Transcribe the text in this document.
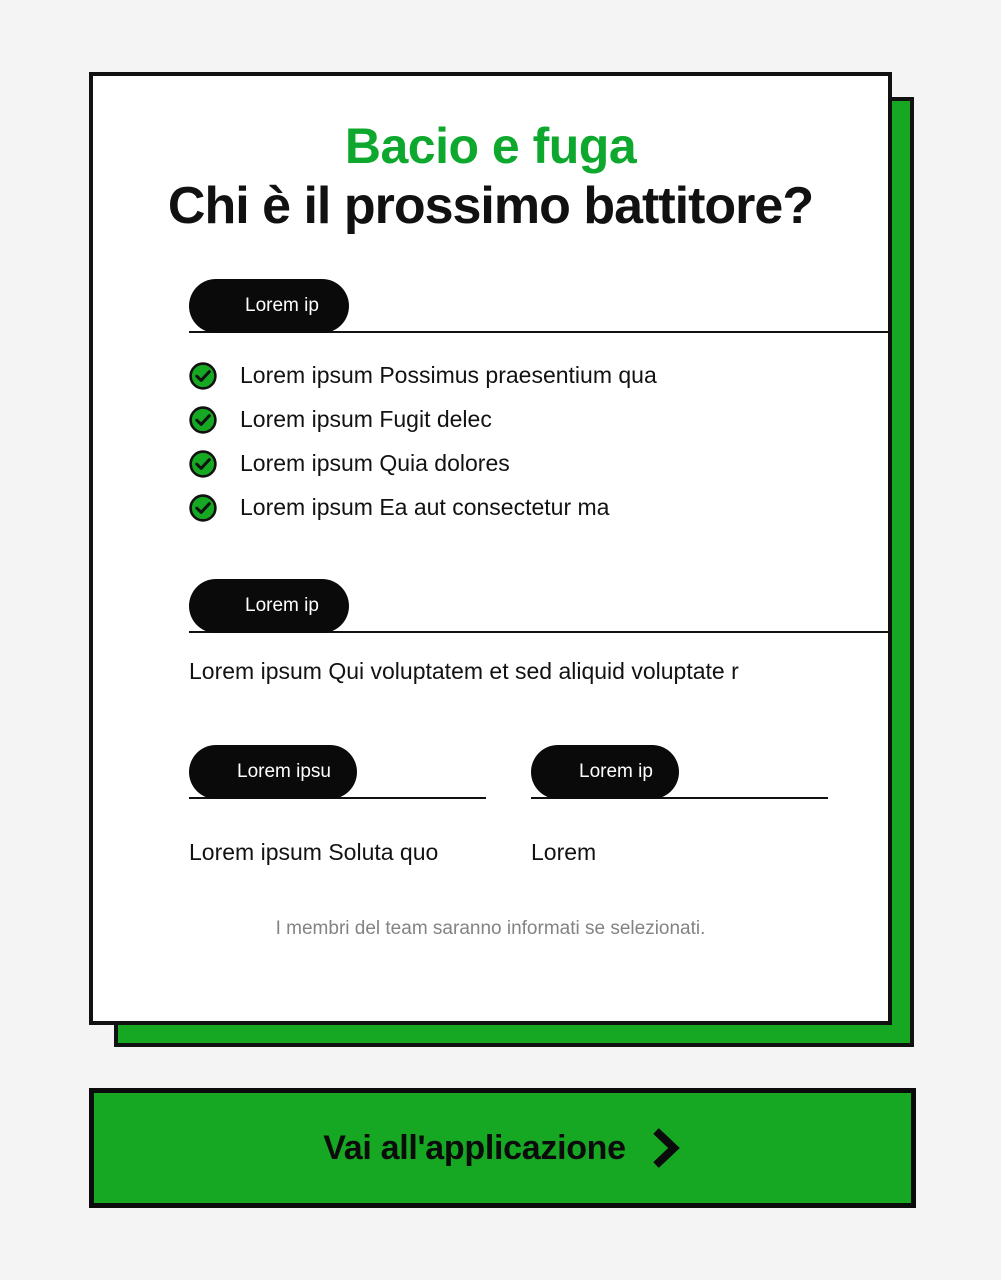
Bacio e fuga
Chi è il prossimo battitore?
Lorem ip
Lorem ipsum Possimus praesentium qua
Lorem ipsum Fugit delec
Lorem ipsum Quia dolores
Lorem ipsum Ea aut consectetur ma
Lorem ip

Lorem ipsum Qui voluptatem et sed aliquid voluptate r

Lorem ipsu
Lorem ipsum Soluta quo
Lorem ip
Lorem
I membri del team saranno informati se selezionati.
Vai all'applicazione
